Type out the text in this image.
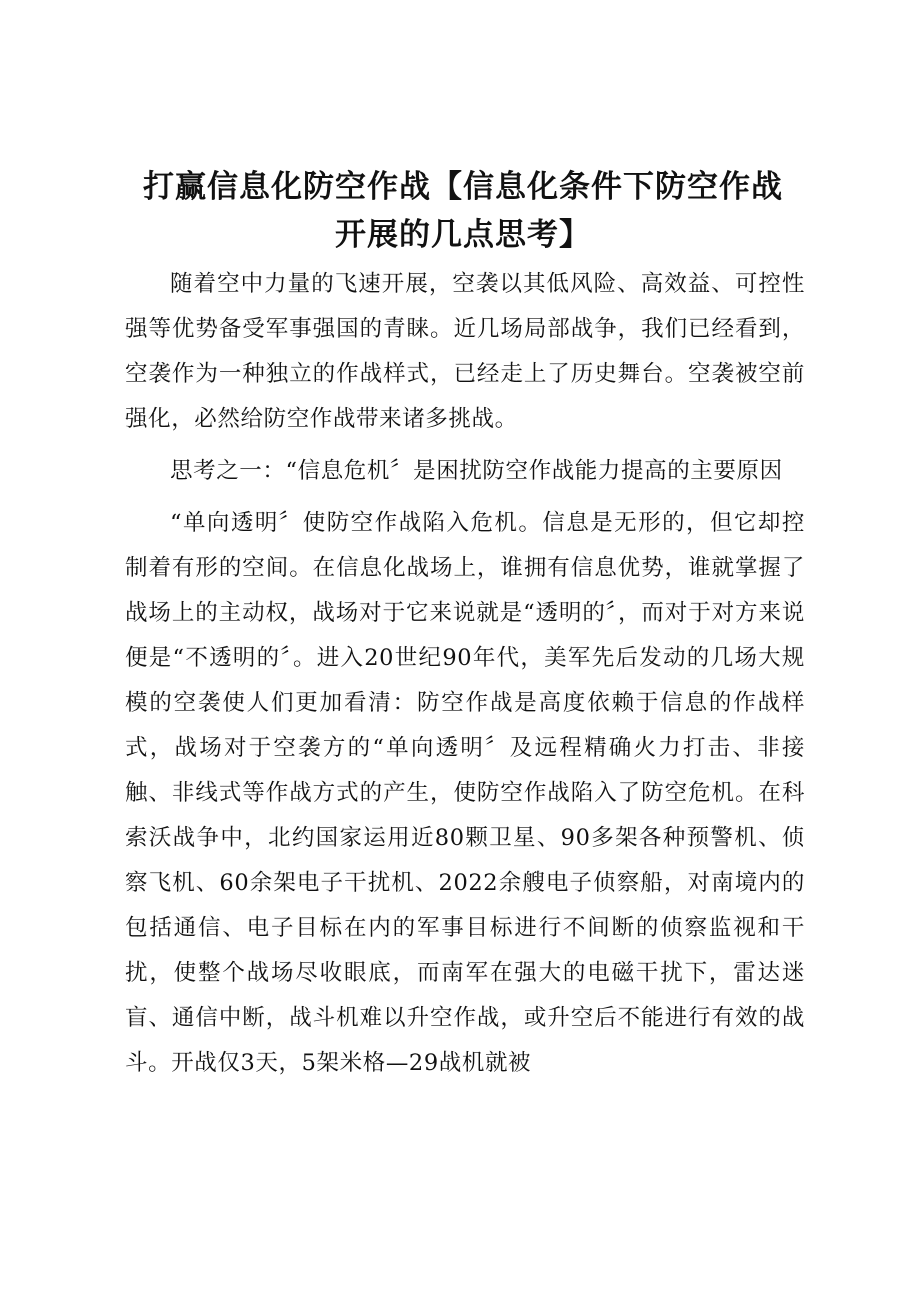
打赢信息化防空作战【信息化条件下防空作战
开展的几点思考】

随着空中力量的飞速开展，空袭以其低风险、高效益、可控性强等优势备受军事强国的青睐。近几场局部战争，我们已经看到，空袭作为一种独立的作战样式，已经走上了历史舞台。空袭被空前强化，必然给防空作战带来诸多挑战。

思考之一：“信息危机〞是困扰防空作战能力提高的主要原因

“单向透明〞使防空作战陷入危机。信息是无形的，但它却控制着有形的空间。在信息化战场上，谁拥有信息优势，谁就掌握了战场上的主动权，战场对于它来说就是“透明的〞，而对于对方来说便是“不透明的〞。进入20世纪90年代，美军先后发动的几场大规模的空袭使人们更加看清：防空作战是高度依赖于信息的作战样式，战场对于空袭方的“单向透明〞及远程精确火力打击、非接触、非线式等作战方式的产生，使防空作战陷入了防空危机。在科索沃战争中，北约国家运用近80颗卫星、90多架各种预警机、侦察飞机、60余架电子干扰机、2022余艘电子侦察船，对南境内的包括通信、电子目标在内的军事目标进行不间断的侦察监视和干扰，使整个战场尽收眼底，而南军在强大的电磁干扰下，雷达迷盲、通信中断，战斗机难以升空作战，或升空后不能进行有效的战斗。开战仅3天，5架米格—29战机就被
